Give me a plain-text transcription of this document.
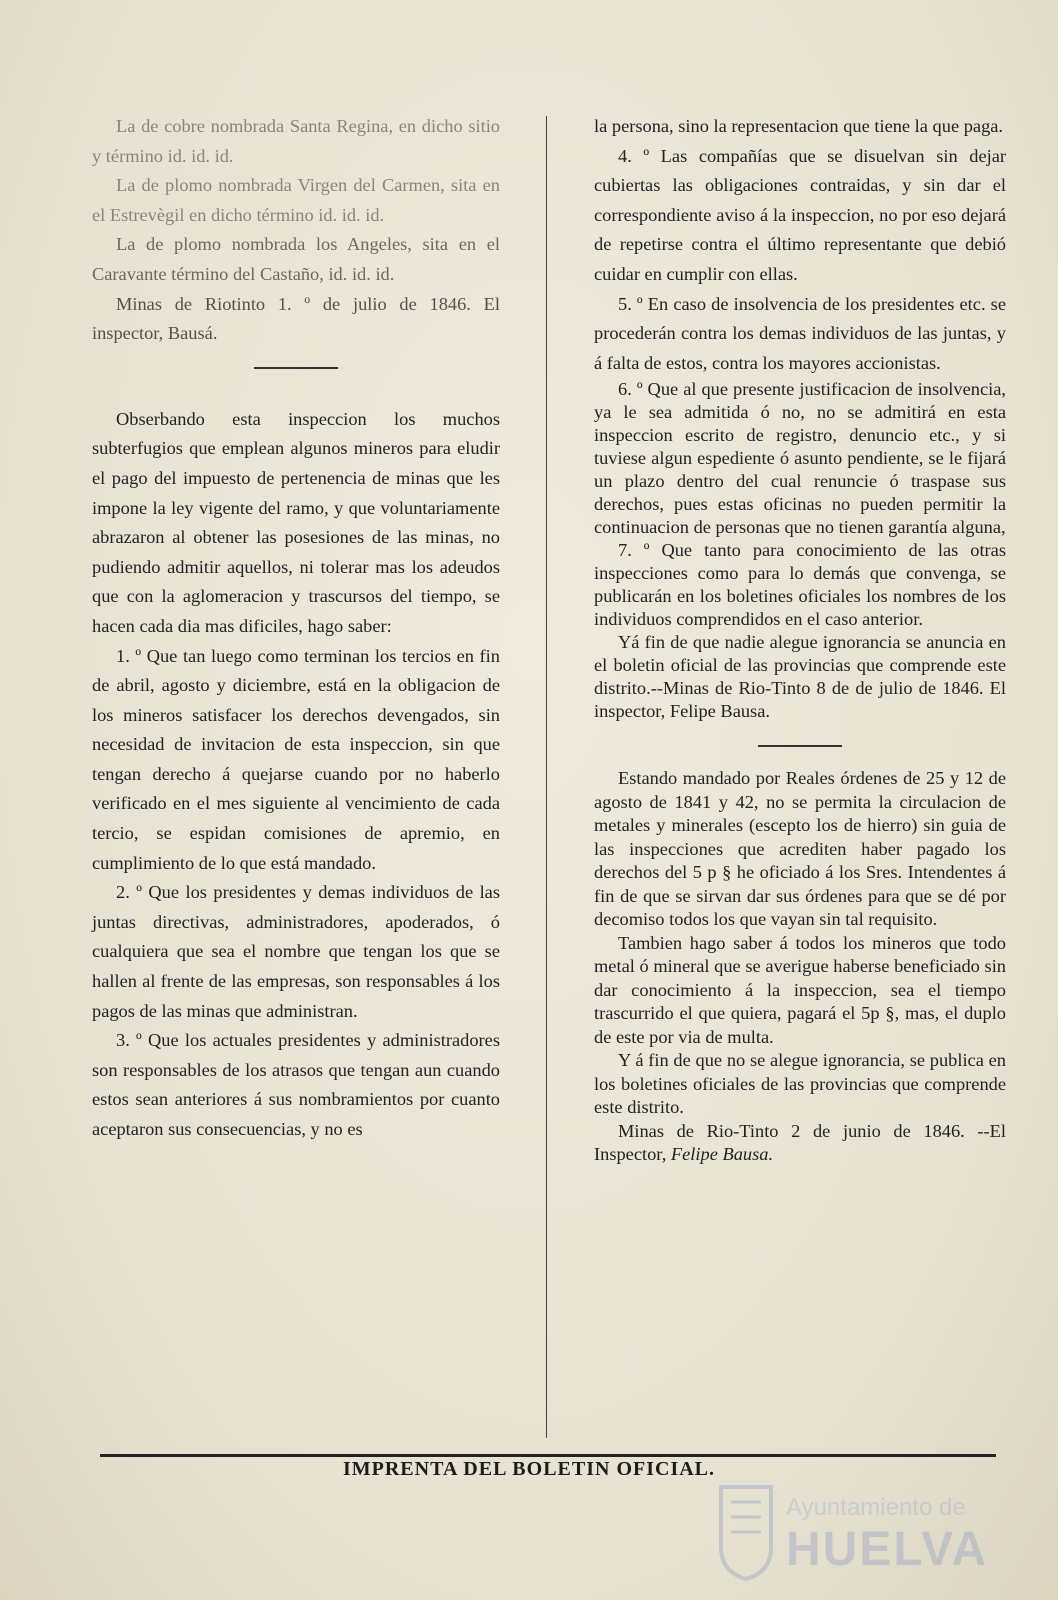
La de cobre nombrada Santa Regina, en dicho sitio y término id. id. id.

La de plomo nombrada Virgen del Carmen, sita en el Estrevègil en dicho término id. id. id.

La de plomo nombrada los Angeles, sita en el Caravante término del Castaño, id. id. id.

Minas de Riotinto 1. º de julio de 1846. El inspector, Bausá.

Obserbando esta inspeccion los muchos subterfugios que emplean algunos mineros para eludir el pago del impuesto de pertenencia de minas que les impone la ley vigente del ramo, y que voluntariamente abrazaron al obtener las posesiones de las minas, no pudiendo admitir aquellos, ni tolerar mas los adeudos que con la aglomeracion y trascursos del tiempo, se hacen cada dia mas dificiles, hago saber:

1. º Que tan luego como terminan los tercios en fin de abril, agosto y diciembre, está en la obligacion de los mineros satisfacer los derechos devengados, sin necesidad de invitacion de esta inspeccion, sin que tengan derecho á quejarse cuando por no haberlo verificado en el mes siguiente al vencimiento de cada tercio, se espidan comisiones de apremio, en cumplimiento de lo que está mandado.

2. º Que los presidentes y demas individuos de las juntas directivas, administradores, apoderados, ó cualquiera que sea el nombre que tengan los que se hallen al frente de las empresas, son responsables á los pagos de las minas que administran.

3. º Que los actuales presidentes y administradores son responsables de los atrasos que tengan aun cuando estos sean anteriores á sus nombramientos por cuanto aceptaron sus consecuencias, y no es

la persona, sino la representacion que tiene la que paga.

4. º Las compañías que se disuelvan sin dejar cubiertas las obligaciones contraidas, y sin dar el correspondiente aviso á la inspeccion, no por eso dejará de repetirse contra el último representante que debió cuidar en cumplir con ellas.

5. º En caso de insolvencia de los presidentes etc. se procederán contra los demas individuos de las juntas, y á falta de estos, contra los mayores accionistas.

6. º Que al que presente justificacion de insolvencia, ya le sea admitida ó no, no se admitirá en esta inspeccion escrito de registro, denuncio etc., y si tuviese algun espediente ó asunto pendiente, se le fijará un plazo dentro del cual renuncie ó traspase sus derechos, pues estas oficinas no pueden permitir la continuacion de personas que no tienen garantía alguna,

7. º Que tanto para conocimiento de las otras inspecciones como para lo demás que convenga, se publicarán en los boletines oficiales los nombres de los individuos comprendidos en el caso anterior.

Yá fin de que nadie alegue ignorancia se anuncia en el boletin oficial de las provincias que comprende este distrito.--Minas de Rio-Tinto 8 de de julio de 1846. El inspector, Felipe Bausa.

Estando mandado por Reales órdenes de 25 y 12 de agosto de 1841 y 42, no se permita la circulacion de metales y minerales (escepto los de hierro) sin guia de las inspecciones que acrediten haber pagado los derechos del 5 p § he oficiado á los Sres. Intendentes á fin de que se sirvan dar sus órdenes para que se dé por decomiso todos los que vayan sin tal requisito.

Tambien hago saber á todos los mineros que todo metal ó mineral que se averigue haberse beneficiado sin dar conocimiento á la inspeccion, sea el tiempo trascurrido el que quiera, pagará el 5p §, mas, el duplo de este por via de multa.

Y á fin de que no se alegue ignorancia, se publica en los boletines oficiales de las provincias que comprende este distrito.

Minas de Rio-Tinto 2 de junio de 1846. --El Inspector, Felipe Bausa.

IMPRENTA DEL BOLETIN OFICIAL.
Ayuntamiento de
HUELVA
